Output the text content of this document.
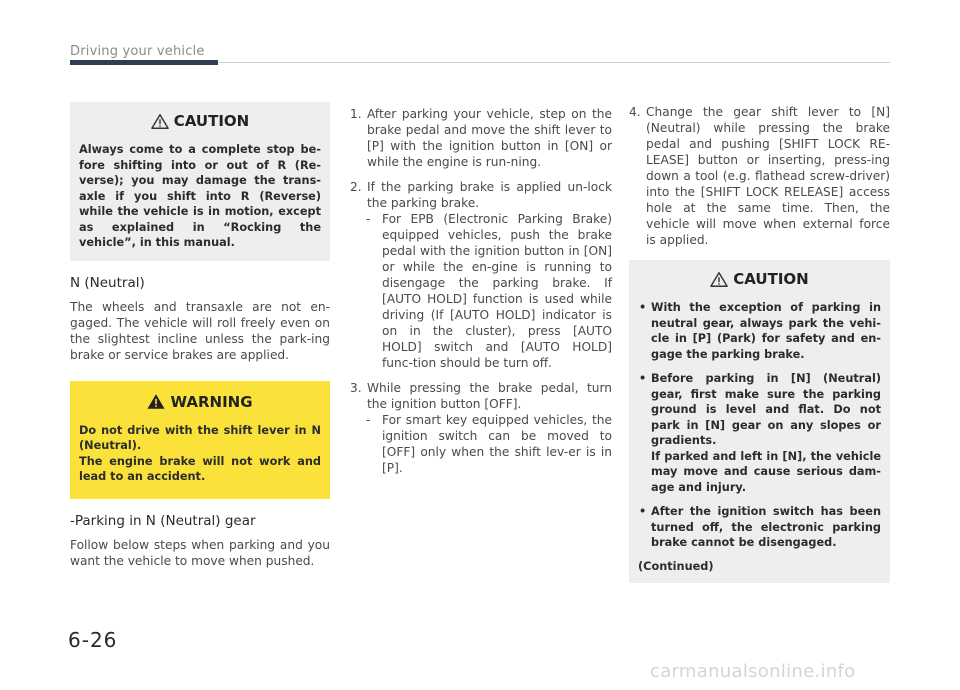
Driving your vehicle
CAUTION
Always come to a complete stop be-fore shifting into or out of R (Re-verse); you may damage the trans-axle if you shift into R (Reverse) while the vehicle is in motion, except as explained in “Rocking the vehicle”, in this manual.
N (Neutral)
The wheels and transaxle are not en-gaged. The vehicle will roll freely even on the slightest incline unless the park-ing brake or service brakes are applied.
WARNING

Do not drive with the shift lever in N (Neutral).

The engine brake will not work and lead to an accident.

-Parking in N (Neutral) gear
Follow below steps when parking and you want the vehicle to move when pushed.
1. After parking your vehicle, step on the brake pedal and move the shift lever to [P] with the ignition button in [ON] or while the engine is run-ning.
2. If the parking brake is applied un-lock the parking brake.
- For EPB (Electronic Parking Brake) equipped vehicles, push the brake pedal with the ignition button in [ON] or while the en-gine is running to disengage the parking brake. If [AUTO HOLD] function is used while driving (If [AUTO HOLD] indicator is on in the cluster), press [AUTO HOLD] switch and [AUTO HOLD] func-tion should be turn off.
3. While pressing the brake pedal, turn the ignition button [OFF].
- For smart key equipped vehicles, the ignition switch can be moved to [OFF] only when the shift lev-er is in [P].
4. Change the gear shift lever to [N] (Neutral) while pressing the brake pedal and pushing [SHIFT LOCK RE-LEASE] button or inserting, press-ing down a tool (e.g. flathead screw-driver) into the [SHIFT LOCK RELEASE] access hole at the same time. Then, the vehicle will move when external force is applied.
CAUTION
• With the exception of parking in neutral gear, always park the vehi-cle in [P] (Park) for safety and en-gage the parking brake.
• Before parking in [N] (Neutral) gear, first make sure the parking ground is level and flat. Do not park in [N] gear on any slopes or gradients.
If parked and left in [N], the vehicle may move and cause serious dam-age and injury.
• After the ignition switch has been turned off, the electronic parking brake cannot be disengaged.
(Continued)
6-26
carmanualsonline.info
